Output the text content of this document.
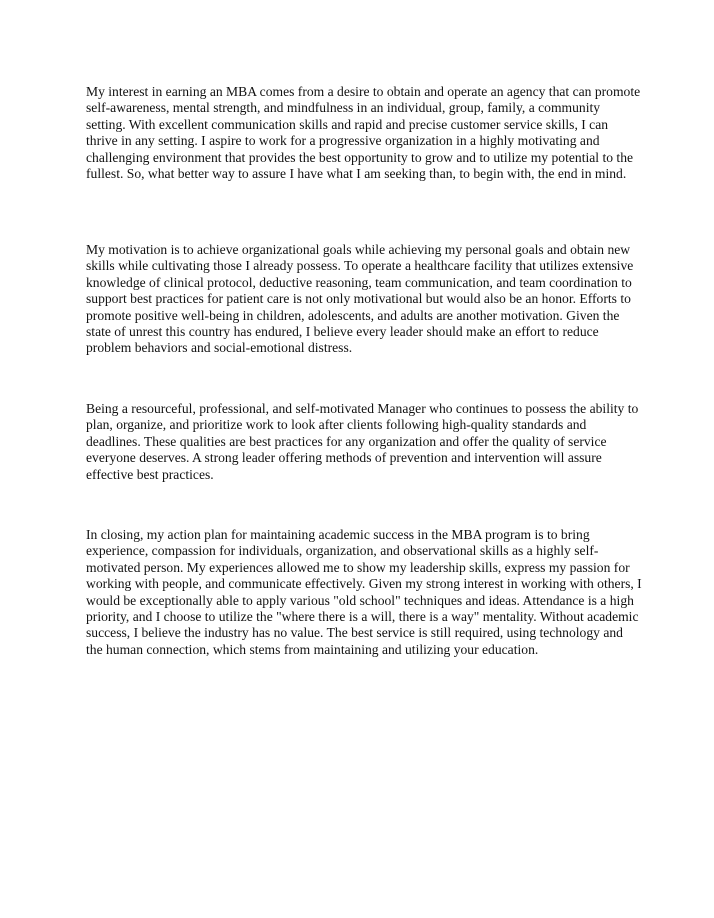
My interest in earning an MBA comes from a desire to obtain and operate an agency that can promote self-awareness, mental strength, and mindfulness in an individual, group, family, a community setting. With excellent communication skills and rapid and precise customer service skills, I can thrive in any setting. I aspire to work for a progressive organization in a highly motivating and challenging environment that provides the best opportunity to grow and to utilize my potential to the fullest. So, what better way to assure I have what I am seeking than, to begin with, the end in mind.

My motivation is to achieve organizational goals while achieving my personal goals and obtain new skills while cultivating those I already possess. To operate a healthcare facility that utilizes extensive knowledge of clinical protocol, deductive reasoning, team communication, and team coordination to support best practices for patient care is not only motivational but would also be an honor. Efforts to promote positive well-being in children, adolescents, and adults are another motivation. Given the state of unrest this country has endured, I believe every leader should make an effort to reduce problem behaviors and social-emotional distress.

Being a resourceful, professional, and self-motivated Manager who continues to possess the ability to plan, organize, and prioritize work to look after clients following high-quality standards and deadlines. These qualities are best practices for any organization and offer the quality of service everyone deserves. A strong leader offering methods of prevention and intervention will assure effective best practices.

In closing, my action plan for maintaining academic success in the MBA program is to bring experience, compassion for individuals, organization, and observational skills as a highly self-motivated person. My experiences allowed me to show my leadership skills, express my passion for working with people, and communicate effectively. Given my strong interest in working with others, I would be exceptionally able to apply various "old school" techniques and ideas. Attendance is a high priority, and I choose to utilize the "where there is a will, there is a way" mentality. Without academic success, I believe the industry has no value. The best service is still required, using technology and the human connection, which stems from maintaining and utilizing your education.
